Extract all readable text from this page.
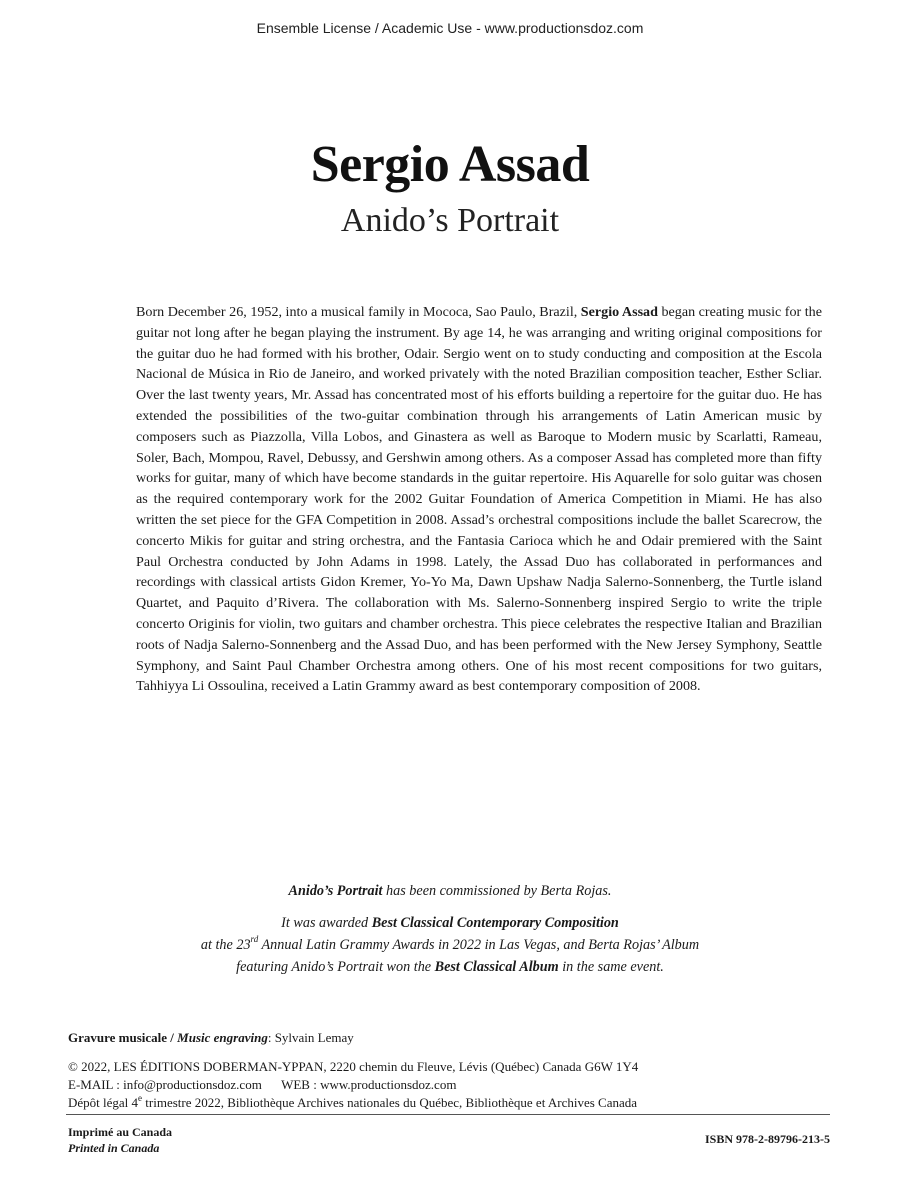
Ensemble License / Academic Use - www.productionsdoz.com
Sergio Assad
Anido’s Portrait
Born December 26, 1952, into a musical family in Mococa, Sao Paulo, Brazil, Sergio Assad began creating music for the guitar not long after he began playing the instrument. By age 14, he was arranging and writing original compositions for the guitar duo he had formed with his brother, Odair. Sergio went on to study conducting and composition at the Escola Nacional de Música in Rio de Janeiro, and worked privately with the noted Brazilian composition teacher, Esther Scliar. Over the last twenty years, Mr. Assad has concentrated most of his efforts building a repertoire for the guitar duo. He has extended the possibilities of the two-guitar combination through his arrangements of Latin American music by composers such as Piazzolla, Villa Lobos, and Ginastera as well as Baroque to Modern music by Scarlatti, Rameau, Soler, Bach, Mompou, Ravel, Debussy, and Gershwin among others. As a composer Assad has completed more than fifty works for guitar, many of which have become standards in the guitar repertoire. His Aquarelle for solo guitar was chosen as the required contemporary work for the 2002 Guitar Foundation of America Competition in Miami. He has also written the set piece for the GFA Competition in 2008. Assad’s orchestral compositions include the ballet Scarecrow, the concerto Mikis for guitar and string orchestra, and the Fantasia Carioca which he and Odair premiered with the Saint Paul Orchestra conducted by John Adams in 1998. Lately, the Assad Duo has collaborated in performances and recordings with classical artists Gidon Kremer, Yo-Yo Ma, Dawn Upshaw Nadja Salerno-Sonnenberg, the Turtle island Quartet, and Paquito d’Rivera. The collaboration with Ms. Salerno-Sonnenberg inspired Sergio to write the triple concerto Originis for violin, two guitars and chamber orchestra. This piece celebrates the respective Italian and Brazilian roots of Nadja Salerno-Sonnenberg and the Assad Duo, and has been performed with the New Jersey Symphony, Seattle Symphony, and Saint Paul Chamber Orchestra among others. One of his most recent compositions for two guitars, Tahhiyya Li Ossoulina, received a Latin Grammy award as best contemporary composition of 2008.

Anido’s Portrait has been commissioned by Berta Rojas.

It was awarded Best Classical Contemporary Composition

at the 23rd Annual Latin Grammy Awards in 2022 in Las Vegas, and Berta Rojas’ Album

featuring Anido’s Portrait won the Best Classical Album in the same event.

Gravure musicale / Music engraving: Sylvain Lemay

© 2022, LES ÉDITIONS DOBERMAN-YPPAN, 2220 chemin du Fleuve, Lévis (Québec) Canada G6W 1Y4

E-MAIL : info@productionsdoz.com      WEB : www.productionsdoz.com

Dépôt légal 4e trimestre 2022, Bibliothèque Archives nationales du Québec, Bibliothèque et Archives Canada

Imprimé au Canada

Printed in Canada

ISBN 978-2-89796-213-5
